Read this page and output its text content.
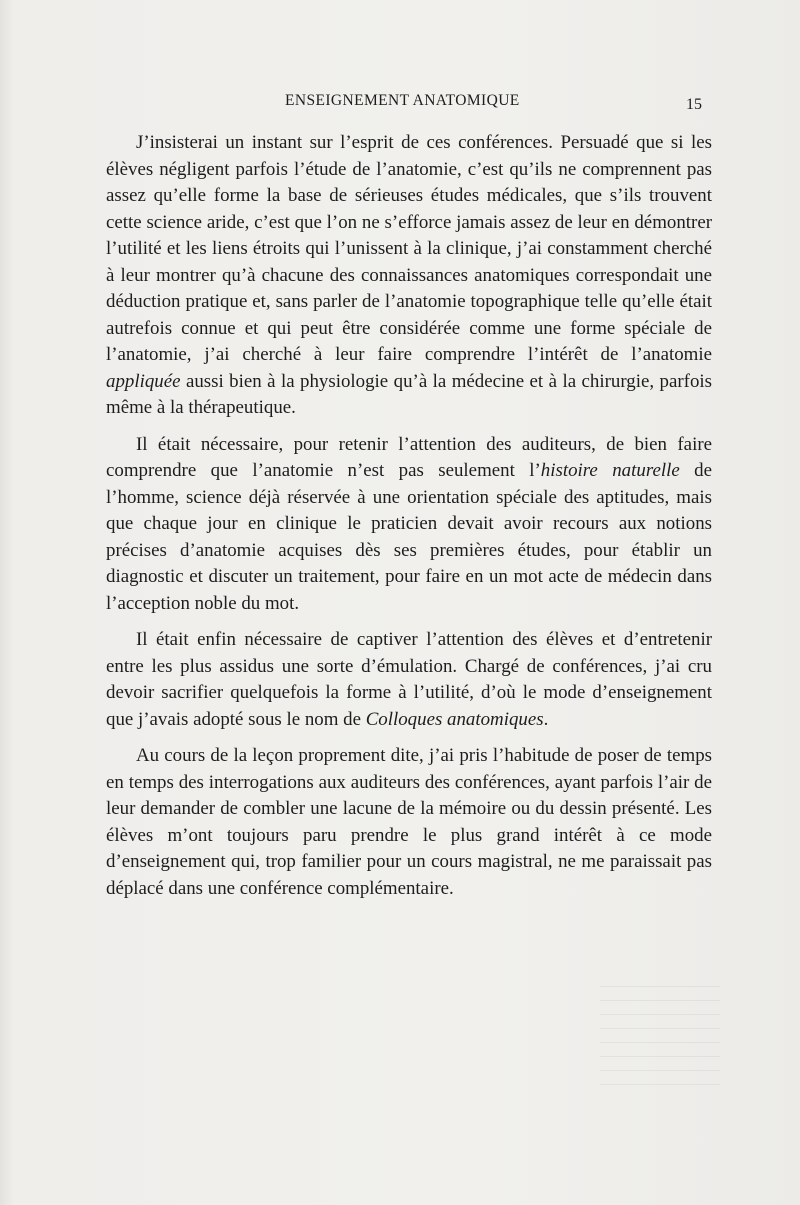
ENSEIGNEMENT ANATOMIQUE	15

J’insisterai un instant sur l’esprit de ces conférences. Persuadé que si les élèves négligent parfois l’étude de l’anatomie, c’est qu’ils ne comprennent pas assez qu’elle forme la base de sérieuses études médicales, que s’ils trouvent cette science aride, c’est que l’on ne s’efforce jamais assez de leur en démontrer l’utilité et les liens étroits qui l’unissent à la clinique, j’ai constamment cherché à leur montrer qu’à chacune des connaissances anatomiques correspondait une déduction pratique et, sans parler de l’anatomie topographique telle qu’elle était autrefois connue et qui peut être considérée comme une forme spéciale de l’anatomie, j’ai cherché à leur faire comprendre l’intérêt de l’anatomie appliquée aussi bien à la physiologie qu’à la médecine et à la chirurgie, parfois même à la thérapeutique.

Il était nécessaire, pour retenir l’attention des auditeurs, de bien faire comprendre que l’anatomie n’est pas seulement l’histoire naturelle de l’homme, science déjà réservée à une orientation spéciale des aptitudes, mais que chaque jour en clinique le praticien devait avoir recours aux notions précises d’anatomie acquises dès ses premières études, pour établir un diagnostic et discuter un traitement, pour faire en un mot acte de médecin dans l’acception noble du mot.

Il était enfin nécessaire de captiver l’attention des élèves et d’entretenir entre les plus assidus une sorte d’émulation. Chargé de conférences, j’ai cru devoir sacrifier quelquefois la forme à l’utilité, d’où le mode d’enseignement que j’avais adopté sous le nom de Colloques anatomiques.

Au cours de la leçon proprement dite, j’ai pris l’habitude de poser de temps en temps des interrogations aux auditeurs des conférences, ayant parfois l’air de leur demander de combler une lacune de la mémoire ou du dessin présenté. Les élèves m’ont toujours paru prendre le plus grand intérêt à ce mode d’enseignement qui, trop familier pour un cours magistral, ne me paraissait pas déplacé dans une conférence complémentaire.
